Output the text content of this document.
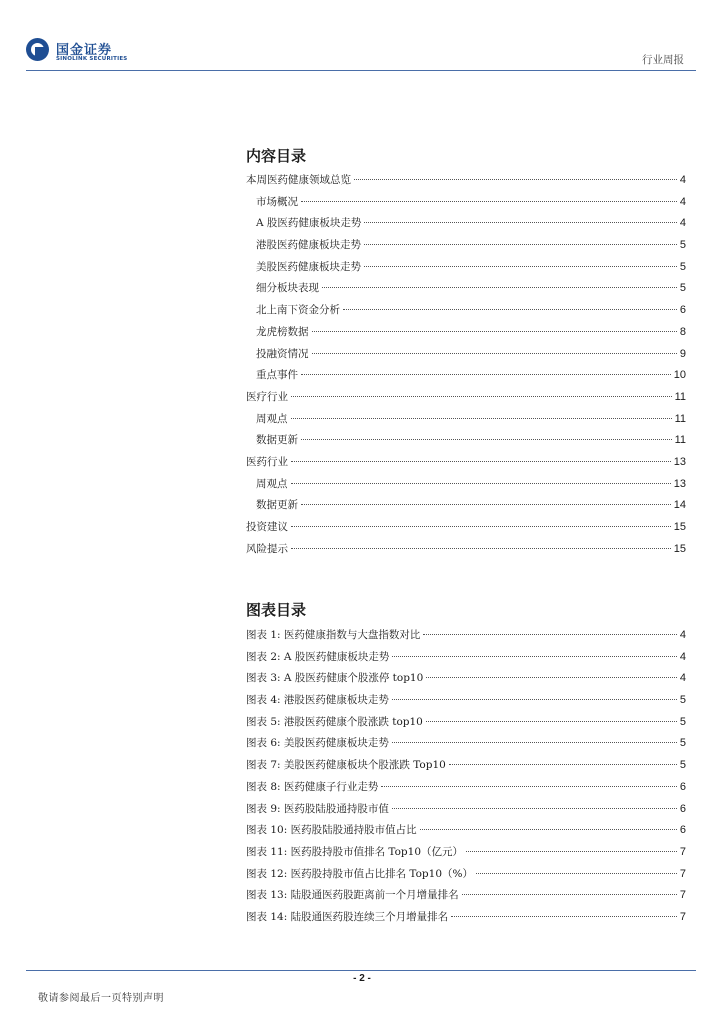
国金证券
SINOLINK SECURITIES	行业周报
内容目录
本周医药健康领域总览	4
市场概况	4
A 股医药健康板块走势	4
港股医药健康板块走势	5
美股医药健康板块走势	5
细分板块表现	5
北上南下资金分析	6
龙虎榜数据	8
投融资情况	9
重点事件	10
医疗行业	11
周观点	11
数据更新	11
医药行业	13
周观点	13
数据更新	14
投资建议	15
风险提示	15
图表目录
图表 1: 医药健康指数与大盘指数对比	4
图表 2: A 股医药健康板块走势	4
图表 3: A 股医药健康个股涨停 top10	4
图表 4: 港股医药健康板块走势	5
图表 5: 港股医药健康个股涨跌 top10	5
图表 6: 美股医药健康板块走势	5
图表 7: 美股医药健康板块个股涨跌 Top10	5
图表 8: 医药健康子行业走势	6
图表 9: 医药股陆股通持股市值	6
图表 10: 医药股陆股通持股市值占比	6
图表 11: 医药股持股市值排名 Top10（亿元）	7
图表 12: 医药股持股市值占比排名 Top10（%）	7
图表 13: 陆股通医药股距离前一个月增量排名	7
图表 14: 陆股通医药股连续三个月增量排名	7
- 2 -
敬请参阅最后一页特别声明
